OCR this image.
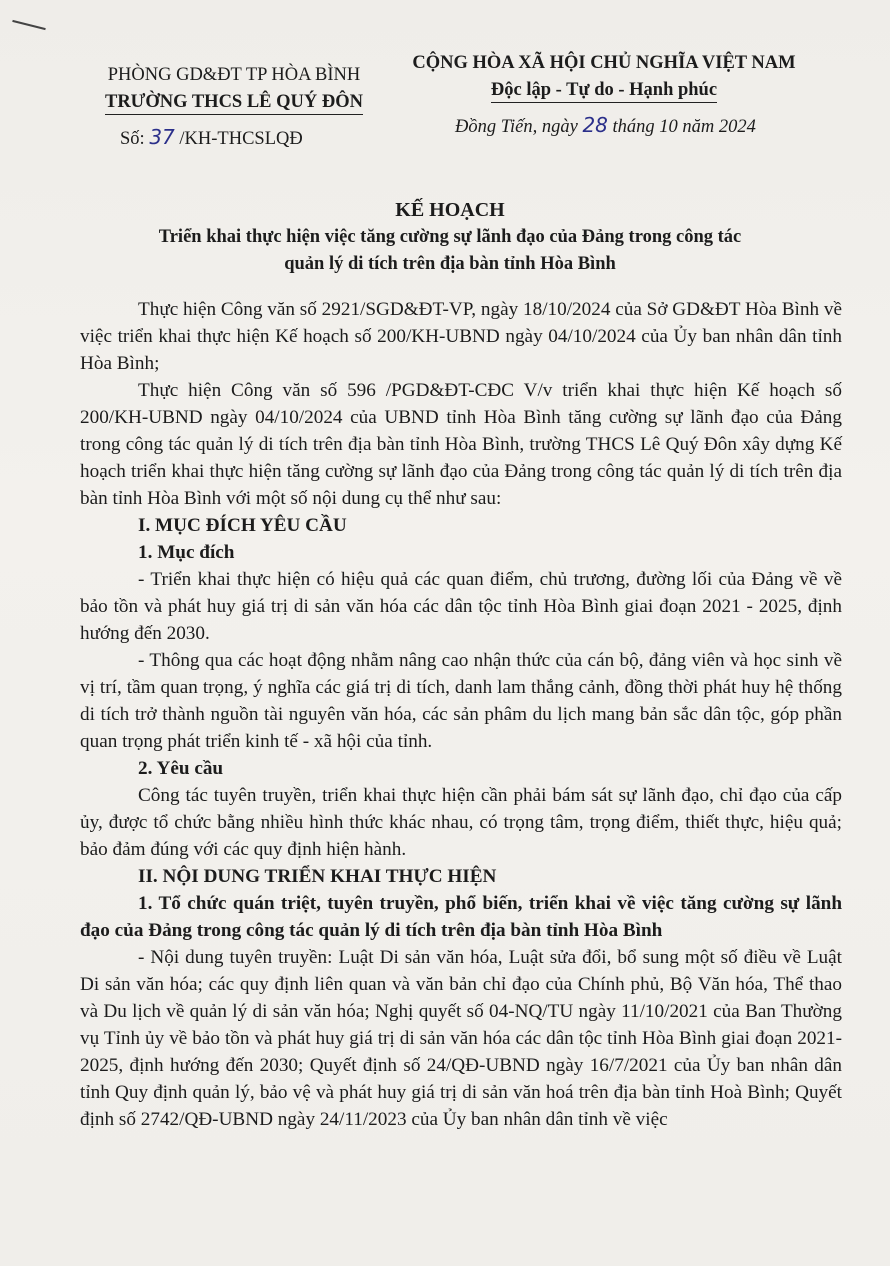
PHÒNG GD&ĐT TP HÒA BÌNH
TRƯỜNG THCS LÊ QUÝ ĐÔN
CỘNG HÒA XÃ HỘI CHỦ NGHĨA VIỆT NAM
Độc lập - Tự do - Hạnh phúc
Số: 37 /KH-THCSLQĐ
Đồng Tiến, ngày 28 tháng 10 năm 2024
KẾ HOẠCH
Triển khai thực hiện việc tăng cường sự lãnh đạo của Đảng trong công tác
quản lý di tích trên địa bàn tỉnh Hòa Bình

Thực hiện Công văn số 2921/SGD&ĐT-VP, ngày 18/10/2024 của Sở GD&ĐT Hòa Bình về việc triển khai thực hiện Kế hoạch số 200/KH-UBND ngày 04/10/2024 của Ủy ban nhân dân tỉnh Hòa Bình;

Thực hiện Công văn số 596 /PGD&ĐT-CĐC V/v triển khai thực hiện Kế hoạch số 200/KH-UBND ngày 04/10/2024 của UBND tỉnh Hòa Bình tăng cường sự lãnh đạo của Đảng trong công tác quản lý di tích trên địa bàn tỉnh Hòa Bình, trường THCS Lê Quý Đôn xây dựng Kế hoạch triển khai thực hiện tăng cường sự lãnh đạo của Đảng trong công tác quản lý di tích trên địa bàn tỉnh Hòa Bình với một số nội dung cụ thể như sau:

I. MỤC ĐÍCH YÊU CẦU

1. Mục đích

- Triển khai thực hiện có hiệu quả các quan điểm, chủ trương, đường lối của Đảng về về bảo tồn và phát huy giá trị di sản văn hóa các dân tộc tỉnh Hòa Bình giai đoạn 2021 - 2025, định hướng đến 2030.

- Thông qua các hoạt động nhằm nâng cao nhận thức của cán bộ, đảng viên và học sinh về vị trí, tầm quan trọng, ý nghĩa các giá trị di tích, danh lam thắng cảnh, đồng thời phát huy hệ thống di tích trở thành nguồn tài nguyên văn hóa, các sản phâm du lịch mang bản sắc dân tộc, góp phần quan trọng phát triển kinh tế - xã hội của tỉnh.

2. Yêu cầu

Công tác tuyên truyền, triển khai thực hiện cần phải bám sát sự lãnh đạo, chỉ đạo của cấp ủy, được tổ chức bằng nhiều hình thức khác nhau, có trọng tâm, trọng điểm, thiết thực, hiệu quả; bảo đảm đúng với các quy định hiện hành.

II. NỘI DUNG TRIỂN KHAI THỰC HIỆN

1. Tổ chức quán triệt, tuyên truyền, phổ biến, triển khai về việc tăng cường sự lãnh đạo của Đảng trong công tác quản lý di tích trên địa bàn tỉnh Hòa Bình

- Nội dung tuyên truyền: Luật Di sản văn hóa, Luật sửa đổi, bổ sung một số điều về Luật Di sản văn hóa; các quy định liên quan và văn bản chỉ đạo của Chính phủ, Bộ Văn hóa, Thể thao và Du lịch về quản lý di sản văn hóa; Nghị quyết số 04-NQ/TU ngày 11/10/2021 của Ban Thường vụ Tỉnh ủy về bảo tồn và phát huy giá trị di sản văn hóa các dân tộc tỉnh Hòa Bình giai đoạn 2021-2025, định hướng đến 2030; Quyết định số 24/QĐ-UBND ngày 16/7/2021 của Ủy ban nhân dân tỉnh Quy định quản lý, bảo vệ và phát huy giá trị di sản văn hoá trên địa bàn tỉnh Hoà Bình; Quyết định số 2742/QĐ-UBND ngày 24/11/2023 của Ủy ban nhân dân tỉnh về việc
